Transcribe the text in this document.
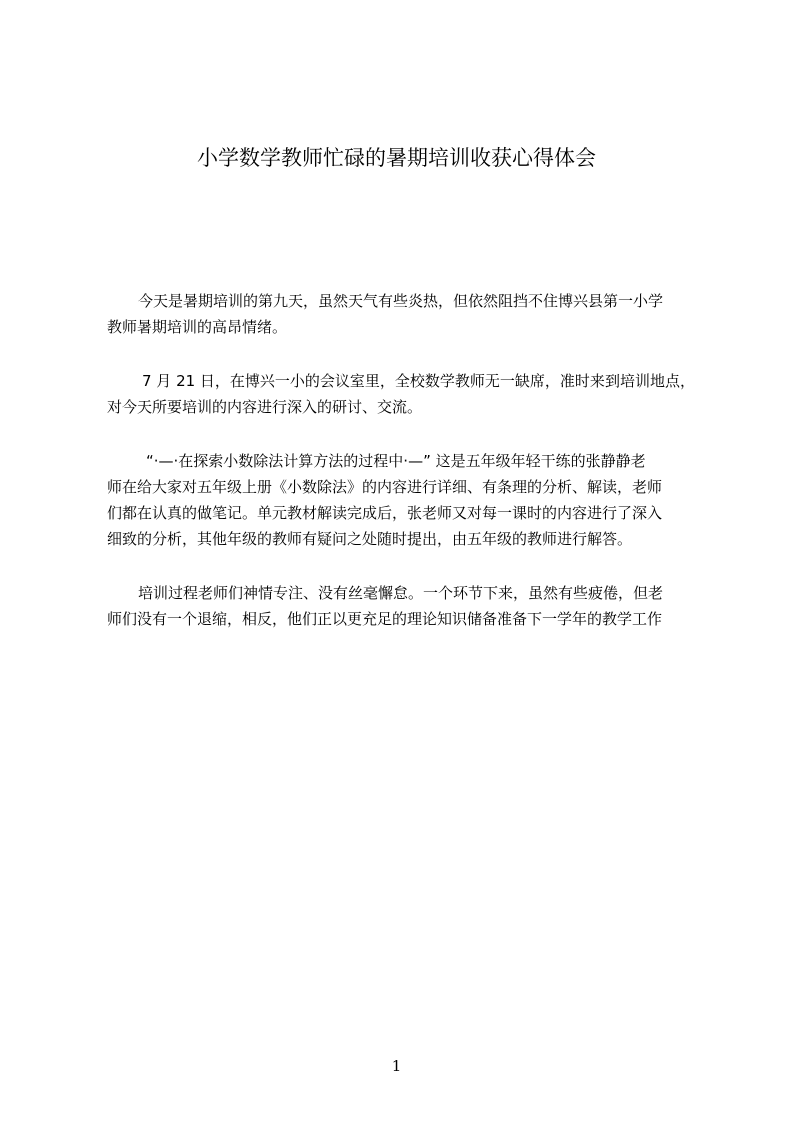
小学数学教师忙碌的暑期培训收获心得体会
今天是暑期培训的第九天，虽然天气有些炎热，但依然阻挡不住博兴县第一小学
教师暑期培训的高昂情绪。
7 月 21 日，在博兴一小的会议室里，全校数学教师无一缺席，准时来到培训地点，
对今天所要培训的内容进行深入的研讨、交流。
“·—·在探索小数除法计算方法的过程中·—” 这是五年级年轻干练的张静静老
师在给大家对五年级上册《小数除法》的内容进行详细、有条理的分析、解读，老师
们都在认真的做笔记。单元教材解读完成后，张老师又对每一课时的内容进行了深入
细致的分析，其他年级的教师有疑问之处随时提出，由五年级的教师进行解答。
培训过程老师们神情专注、没有丝毫懈怠。一个环节下来，虽然有些疲倦，但老
师们没有一个退缩，相反，他们正以更充足的理论知识储备准备下一学年的教学工作
1
